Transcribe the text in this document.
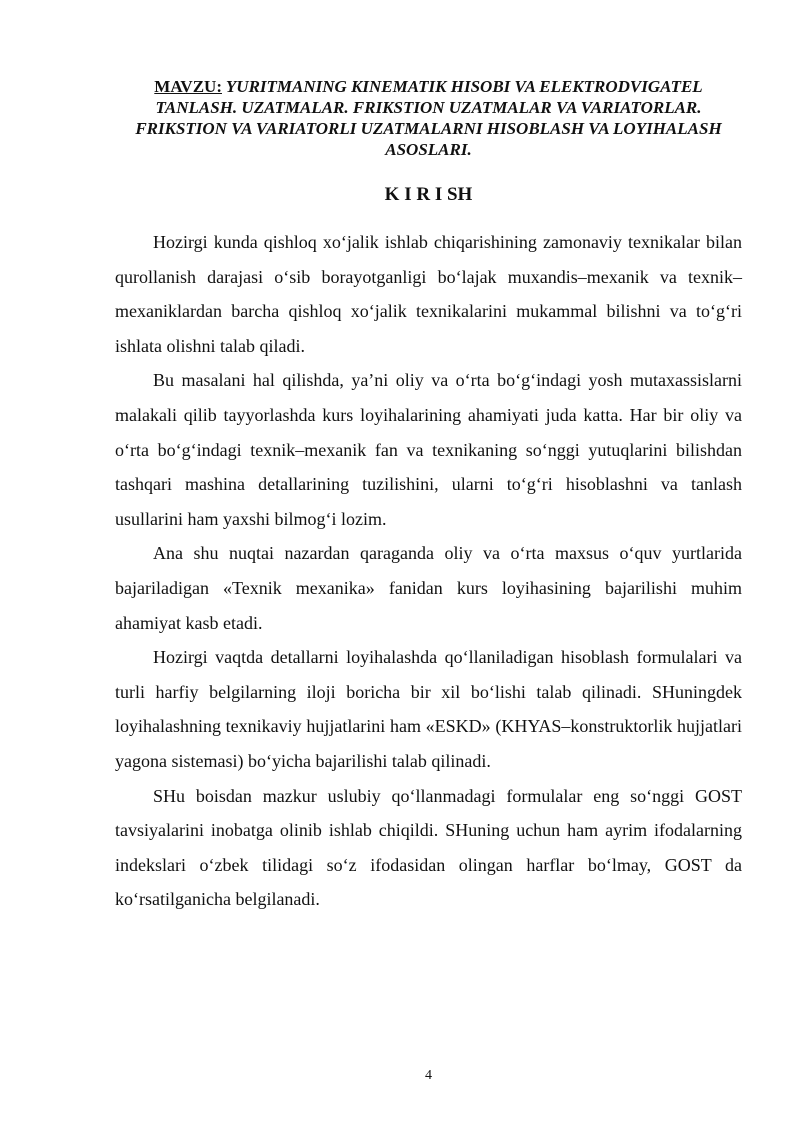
MAVZU: YURITMANING KINEMATIK HISOBI VA ELEKTRODVIGATEL TANLASH. UZATMALAR. FRIKSTION UZATMALAR VA VARIATORLAR. FRIKSTION VA VARIATORLI UZATMALARNI HISOBLASH VA LOYIHALASH ASOSLARI.

K I R I SH

Hozirgi kunda qishloq xo‘jalik ishlab chiqarishining zamonaviy texnikalar bilan qurollanish darajasi o‘sib borayotganligi bo‘lajak muxandis–mexanik va texnik–mexaniklardan barcha qishloq xo‘jalik texnikalarini mukammal bilishni va to‘g‘ri ishlata olishni talab qiladi.

Bu masalani hal qilishda, ya’ni oliy va o‘rta bo‘g‘indagi yosh mutaxassislarni malakali qilib tayyorlashda kurs loyihalarining ahamiyati juda katta. Har bir oliy va o‘rta bo‘g‘indagi texnik–mexanik fan va texnikaning so‘nggi yutuqlarini bilishdan tashqari mashina detallarining tuzilishini, ularni to‘g‘ri hisoblashni va tanlash usullarini ham yaxshi bilmog‘i lozim.

Ana shu nuqtai nazardan qaraganda oliy va o‘rta maxsus o‘quv yurtlarida bajariladigan «Texnik mexanika» fanidan kurs loyihasining bajarilishi muhim ahamiyat kasb etadi.

Hozirgi vaqtda detallarni loyihalashda qo‘llaniladigan hisoblash formulalari va turli harfiy belgilarning iloji boricha bir xil bo‘lishi talab qilinadi. SHuningdek loyihalashning texnikaviy hujjatlarini ham «ESKD» (KHYAS–konstruktorlik hujjatlari yagona sistemasi) bo‘yicha bajarilishi talab qilinadi.

SHu boisdan mazkur uslubiy qo‘llanmadagi formulalar eng so‘nggi GOST tavsiyalarini inobatga olinib ishlab chiqildi. SHuning uchun ham ayrim ifodalarning indekslari o‘zbek tilidagi so‘z ifodasidan olingan harflar bo‘lmay, GOST da ko‘rsatilganicha belgilanadi.

4
